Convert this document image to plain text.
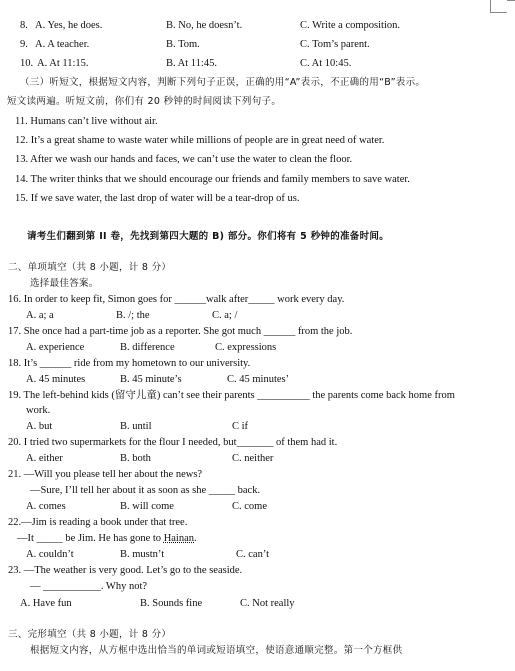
8. A. Yes, he does.	B. No, he doesn’t.	C. Write a composition.
9. A. A teacher.	B. Tom.	C. Tom’s parent.
10. A. At 11:15.	B. At 11:45.	C. At 10:45.
（三）听短文，根据短文内容，判断下列句子正误，正确的用“A”表示，不正确的用“B”表示。
短文读两遍。听短文前，你们有 20 秒钟的时间阅读下列句子。
11. Humans can’t live without air.
12. It’s a great shame to waste water while millions of people are in great need of water.
13. After we wash our hands and faces, we can’t use the water to clean the floor.
14. The writer thinks that we should encourage our friends and family members to save water.
15. If we save water, the last drop of water will be a tear-drop of us.
请考生们翻到第 II 卷，先找到第四大题的 B) 部分。你们将有 5 秒钟的准备时间。
二、单项填空（共 8 小题，计 8 分）
选择最佳答案。
16. In order to keep fit, Simon goes for ______walk after_____ work every day.
A. a; a	B. /; the	C. a; /
17. She once had a part-time job as a reporter. She got much ______ from the job.
A. experience	B. difference	C. expressions
18. It’s ______ ride from my hometown to our university.
A. 45 minutes	B. 45 minute’s	C. 45 minutes’
19. The left-behind kids (留守儿童) can’t see their parents __________ the parents come back home from
work.
A. but	B. until	C if
20. I tried two supermarkets for the flour I needed, but_______ of them had it.
A. either	B. both	C. neither
21. —Will you please tell her about the news?
—Sure, I’ll tell her about it as soon as she _____ back.
A. comes	B. will come	C. come
22.—Jim is reading a book under that tree.
—It _____ be Jim. He has gone to Hainan.
A. couldn’t	B. mustn’t	C. can’t
23. —The weather is very good. Let’s go to the seaside.
— ___________. Why not?
A. Have fun	B. Sounds fine	C. Not really
三、完形填空（共 8 小题，计 8 分）
根据短文内容，从方框中选出恰当的单词或短语填空，使语意通顺完整。第一个方框供
